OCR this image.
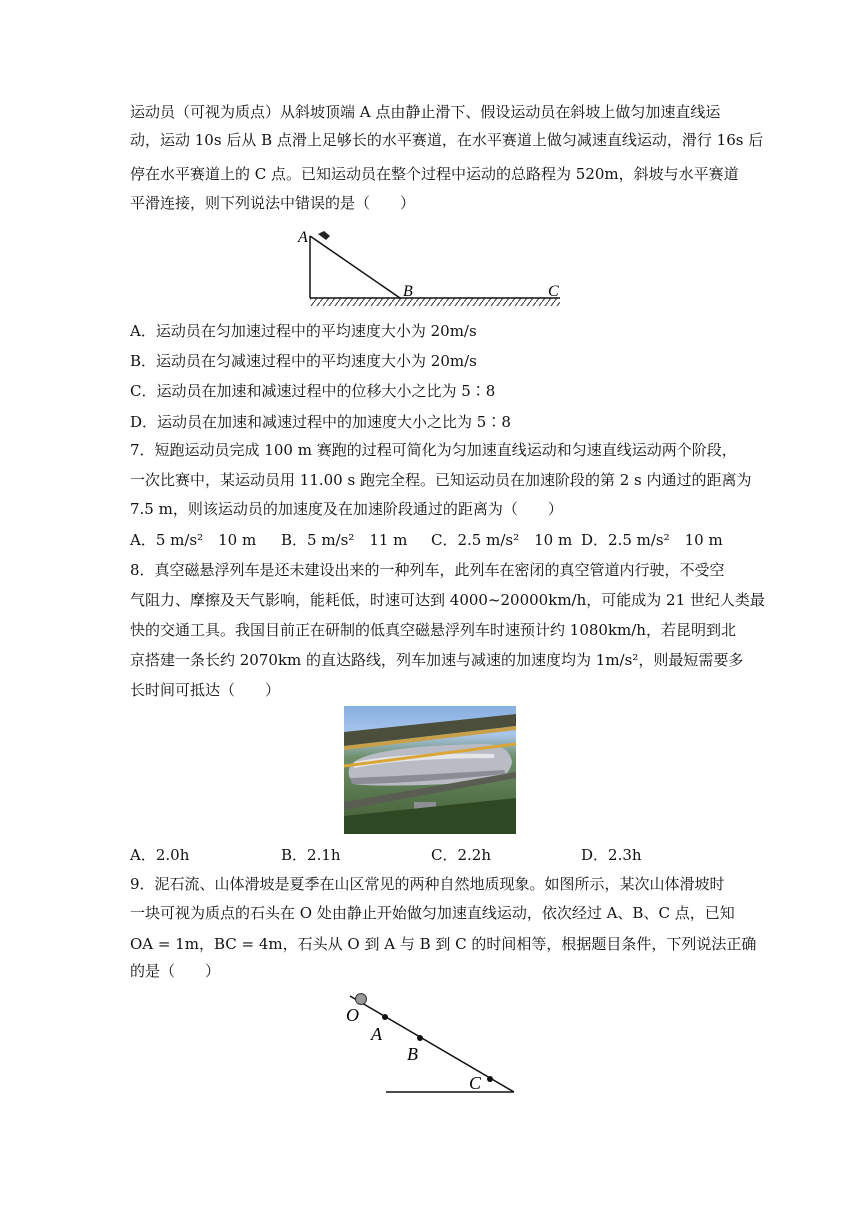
运动员（可视为质点）从斜坡顶端 A 点由静止滑下、假设运动员在斜坡上做匀加速直线运
动，运动 10s 后从 B 点滑上足够长的水平赛道，在水平赛道上做匀减速直线运动，滑行 16s 后
停在水平赛道上的 C 点。已知运动员在整个过程中运动的总路程为 520m，斜坡与水平赛道
平滑连接，则下列说法中错误的是（　　）
A
B	C
A．运动员在匀加速过程中的平均速度大小为 20m/s
B．运动员在匀减速过程中的平均速度大小为 20m/s
C．运动员在加速和减速过程中的位移大小之比为 5∶8
D．运动员在加速和减速过程中的加速度大小之比为 5∶8
7．短跑运动员完成 100 m 赛跑的过程可简化为匀加速直线运动和匀速直线运动两个阶段，
一次比赛中，某运动员用 11.00 s 跑完全程。已知运动员在加速阶段的第 2 s 内通过的距离为
7.5 m，则该运动员的加速度及在加速阶段通过的距离为（　　）
A．5 m/s²　10 m B．5 m/s²　11 m C．2.5 m/s²　10 m D．2.5 m/s²　10 m
8．真空磁悬浮列车是还未建设出来的一种列车，此列车在密闭的真空管道内行驶，不受空
气阻力、摩擦及天气影响，能耗低，时速可达到 4000~20000km/h，可能成为 21 世纪人类最
快的交通工具。我国目前正在研制的低真空磁悬浮列车时速预计约 1080km/h，若昆明到北
京搭建一条长约 2070km 的直达路线，列车加速与减速的加速度均为 1m/s²，则最短需要多
长时间可抵达（　　）
A．2.0h	B．2.1h	C．2.2h	D．2.3h
9．泥石流、山体滑坡是夏季在山区常见的两种自然地质现象。如图所示，某次山体滑坡时
一块可视为质点的石头在 O 处由静止开始做匀加速直线运动，依次经过 A、B、C 点，已知
OA = 1m，BC = 4m，石头从 O 到 A 与 B 到 C 的时间相等，根据题目条件，下列说法正确
的是（　　）
O
A
B
C
